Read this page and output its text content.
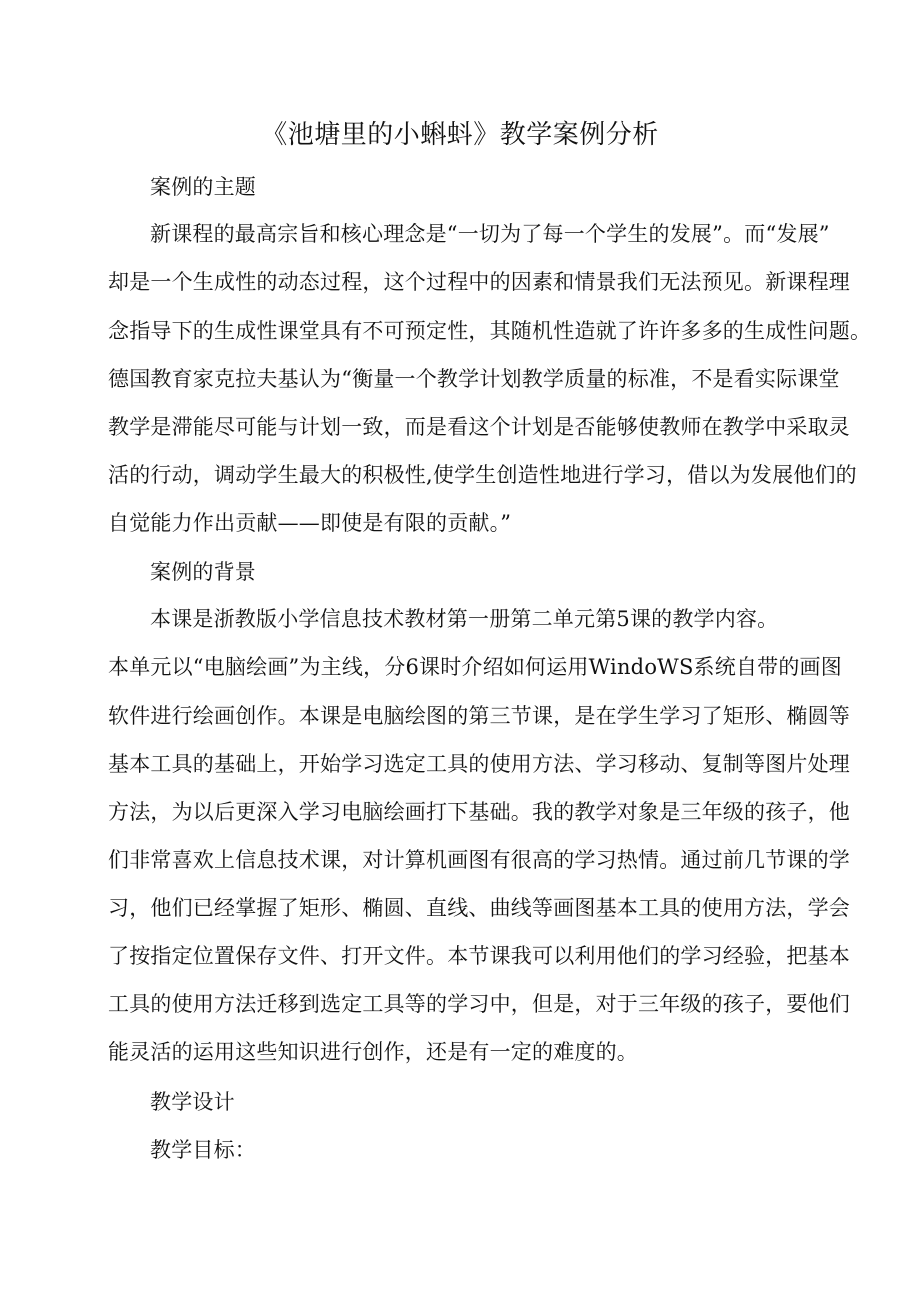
《池塘里的小蝌蚪》教学案例分析
案例的主题
新课程的最高宗旨和核心理念是“一切为了每一个学生的发展”。而“发展”
却是一个生成性的动态过程，这个过程中的因素和情景我们无法预见。新课程理
念指导下的生成性课堂具有不可预定性，其随机性造就了许许多多的生成性问题。
德国教育家克拉夫基认为“衡量一个教学计划教学质量的标准，不是看实际课堂
教学是滞能尽可能与计划一致，而是看这个计划是否能够使教师在教学中采取灵
活的行动，调动学生最大的积极性,使学生创造性地进行学习，借以为发展他们的
自觉能力作出贡献——即使是有限的贡献。”
案例的背景
本课是浙教版小学信息技术教材第一册第二单元第5课的教学内容。
本单元以“电脑绘画”为主线，分6课时介绍如何运用WindoWS系统自带的画图
软件进行绘画创作。本课是电脑绘图的第三节课，是在学生学习了矩形、椭圆等
基本工具的基础上，开始学习选定工具的使用方法、学习移动、复制等图片处理
方法，为以后更深入学习电脑绘画打下基础。我的教学对象是三年级的孩子，他
们非常喜欢上信息技术课，对计算机画图有很高的学习热情。通过前几节课的学
习，他们已经掌握了矩形、椭圆、直线、曲线等画图基本工具的使用方法，学会
了按指定位置保存文件、打开文件。本节课我可以利用他们的学习经验，把基本
工具的使用方法迁移到选定工具等的学习中，但是，对于三年级的孩子，要他们
能灵活的运用这些知识进行创作，还是有一定的难度的。
教学设计
教学目标：
